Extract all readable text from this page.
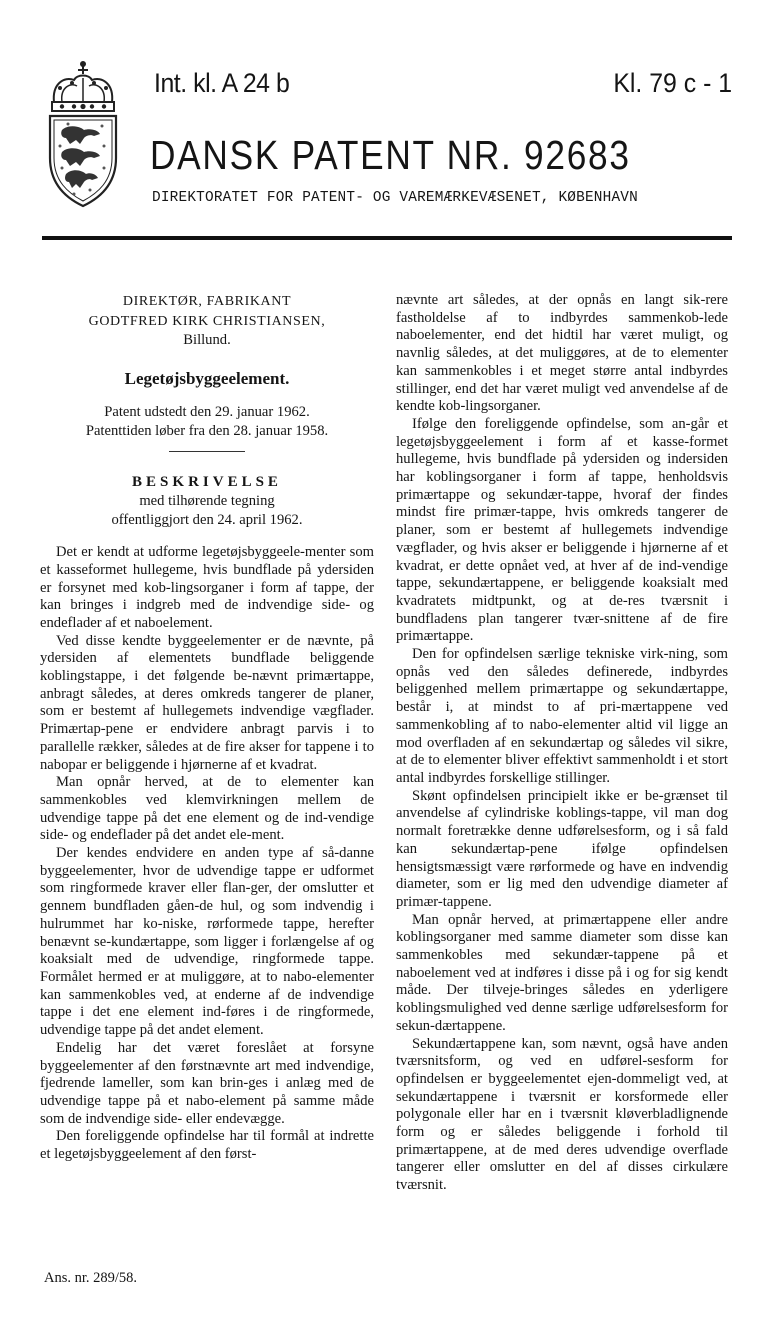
Int. kl. A 24 b	Kl. 79 c - 1
DANSK PATENT NR. 92683
DIREKTORATET FOR PATENT- OG VAREMÆRKEVÆSENET, KØBENHAVN

DIREKTØR, FABRIKANT

GODTFRED KIRK CHRISTIANSEN,

Billund.

Legetøjsbyggeelement.

Patent udstedt den 29. januar 1962.

Patenttiden løber fra den 28. januar 1958.

BESKRIVELSE

med tilhørende tegning

offentliggjort den 24. april 1962.

Det er kendt at udforme legetøjsbyggeele-menter som et kasseformet hullegeme, hvis bundflade på ydersiden er forsynet med kob-lingsorganer i form af tappe, der kan bringes i indgreb med de indvendige side- og endeflader af et naboelement.

Ved disse kendte byggeelementer er de nævnte, på ydersiden af elementets bundflade beliggende koblingstappe, i det følgende be-nævnt primærtappe, anbragt således, at deres omkreds tangerer de planer, som er bestemt af hullegemets indvendige vægflader. Primærtap-pene er endvidere anbragt parvis i to parallelle rækker, således at de fire akser for tappene i to nabopar er beliggende i hjørnerne af et kvadrat.

Man opnår herved, at de to elementer kan sammenkobles ved klemvirkningen mellem de udvendige tappe på det ene element og de ind-vendige side- og endeflader på det andet ele-ment.

Der kendes endvidere en anden type af så-danne byggeelementer, hvor de udvendige tappe er udformet som ringformede kraver eller flan-ger, der omslutter et gennem bundfladen gåen-de hul, og som indvendig i hulrummet har ko-niske, rørformede tappe, herefter benævnt se-kundærtappe, som ligger i forlængelse af og koaksialt med de udvendige, ringformede tappe. Formålet hermed er at muliggøre, at to nabo-elementer kan sammenkobles ved, at enderne af de indvendige tappe i det ene element ind-føres i de ringformede, udvendige tappe på det andet element.

Endelig har det været foreslået at forsyne byggeelementer af den førstnævnte art med indvendige, fjedrende lameller, som kan brin-ges i anlæg med de udvendige tappe på et nabo-element på samme måde som de indvendige side- eller endevægge.

Den foreliggende opfindelse har til formål at indrette et legetøjsbyggeelement af den først-

nævnte art således, at der opnås en langt sik-rere fastholdelse af to indbyrdes sammenkob-lede naboelementer, end det hidtil har været muligt, og navnlig således, at det muliggøres, at de to elementer kan sammenkobles i et meget større antal indbyrdes stillinger, end det har været muligt ved anvendelse af de kendte kob-lingsorganer.

Ifølge den foreliggende opfindelse, som an-går et legetøjsbyggeelement i form af et kasse-formet hullegeme, hvis bundflade på ydersiden og indersiden har koblingsorganer i form af tappe, henholdsvis primærtappe og sekundær-tappe, hvoraf der findes mindst fire primær-tappe, hvis omkreds tangerer de planer, som er bestemt af hullegemets indvendige vægflader, og hvis akser er beliggende i hjørnerne af et kvadrat, er dette opnået ved, at hver af de ind-vendige tappe, sekundærtappene, er beliggende koaksialt med kvadratets midtpunkt, og at de-res tværsnit i bundfladens plan tangerer tvær-snittene af de fire primærtappe.

Den for opfindelsen særlige tekniske virk-ning, som opnås ved den således definerede, indbyrdes beliggenhed mellem primærtappe og sekundærtappe, består i, at mindst to af pri-mærtappene ved sammenkobling af to nabo-elementer altid vil ligge an mod overfladen af en sekundærtap og således vil sikre, at de to elementer bliver effektivt sammenholdt i et stort antal indbyrdes forskellige stillinger.

Skønt opfindelsen principielt ikke er be-grænset til anvendelse af cylindriske koblings-tappe, vil man dog normalt foretrække denne udførelsesform, og i så fald kan sekundærtap-pene ifølge opfindelsen hensigtsmæssigt være rørformede og have en indvendig diameter, som er lig med den udvendige diameter af primær-tappene.

Man opnår herved, at primærtappene eller andre koblingsorganer med samme diameter som disse kan sammenkobles med sekundær-tappene på et naboelement ved at indføres i disse på i og for sig kendt måde. Der tilveje-bringes således en yderligere koblingsmulighed ved denne særlige udførelsesform for sekun-dærtappene.

Sekundærtappene kan, som nævnt, også have anden tværsnitsform, og ved en udførel-sesform for opfindelsen er byggeelementet ejen-dommeligt ved, at sekundærtappene i tværsnit er korsformede eller polygonale eller har en i tværsnit kløverbladlignende form og er således beliggende i forhold til primærtappene, at de med deres udvendige overflade tangerer eller omslutter en del af disses cirkulære tværsnit.

Ans. nr. 289/58.
